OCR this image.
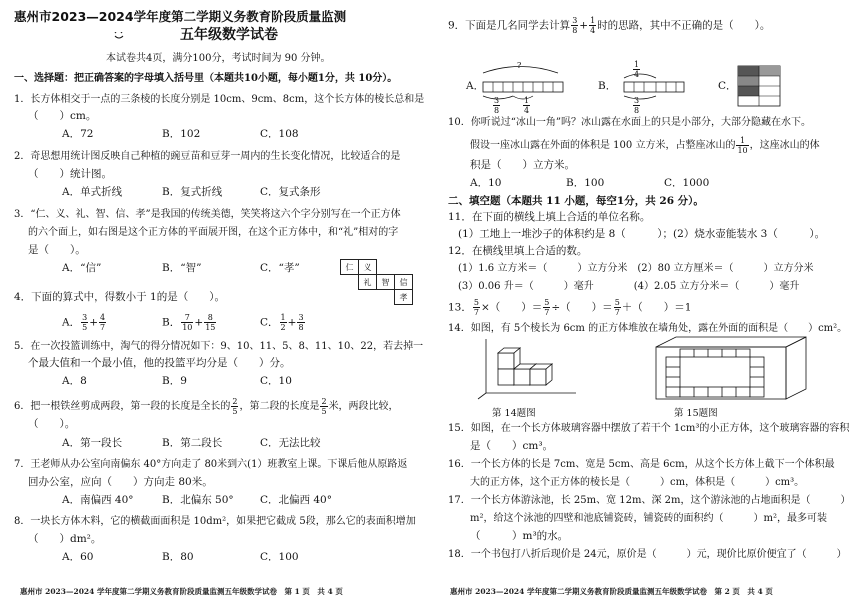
惠州市2023—2024学年度第二学期义务教育阶段质量监测
五年级数学试卷
本试卷共4页，满分100分，考试时间为 90 分钟。
一、选择题：把正确答案的字母填入括号里（本题共10小题，每小题1分，共 10分）。
1．长方体相交于一点的三条棱的长度分别是 10cm、9cm、8cm，这个长方体的棱长总和是
（　　）cm。
A．72	B．102	C．108
2．奇思想用统计图反映自己种植的豌豆苗和豆芽一周内的生长变化情况，比较适合的是
（　　）统计图。
A．单式折线	B．复式折线	C．复式条形
3．“仁、义、礼、智、信、孝”是我国的传统美德，笑笑将这六个字分别写在一个正方体
的六个面上，如右图是这个正方体的平面展开图，在这个正方体中，和“礼”相对的字
是（　　）。
A．“信”	B．“智”	C．“孝”	仁	义		
	礼	智	信
			孝
4．下面的算式中，得数小于 1的是（　　）。
A． $\frac{3}{5} + \frac{4}{7}$	B． $\frac{7}{10} + \frac{8}{15}$	C． $\frac{1}{2} + \frac{3}{8}$
5．在一次投篮训练中，淘气的得分情况如下：9、10、11、5、8、11、10、22，若去掉一
个最大值和一个最小值，他的投篮平均分是（　　）分。
A．8	B．9	C．10
6．把一根铁丝剪成两段，第一段的长度是全长的 $\frac{2}{5}$ ，第二段的长度是 $\frac{2}{5}$ 米，两段比较，
（　　）。
A．第一段长	B．第二段长	C．无法比较
7．王老师从办公室向南偏东 40°方向走了 80米到六(1）班教室上课。下课后他从原路返
回办公室，应向（　　）方向走 80米。
A．南偏西 40°	B．北偏东 50°	C．北偏西 40°
8．一块长方体木料，它的横截面面积是 10dm²，如果把它截成 5段，那么它的表面积增加
（　　）dm²。
A．60	B．80	C．100
惠州市 2023—2024 学年度第二学期义务教育阶段质量监测五年级数学试卷　第 1 页　共 4 页
9．下面是几名同学去计算 $\frac{3}{8} + \frac{1}{4}$ 时的思路，其中不正确的是（　　）。
A．
?
$\frac{3}{8}$	$\frac{1}{4}$
B．
$\frac{1}{4}$
$\frac{3}{8}$
C．
10．你听说过“冰山一角”吗？冰山露在水面上的只是小部分，大部分隐藏在水下。
假设一座冰山露在外面的体积是 100 立方米，占整座冰山的 $\frac{1}{10}$ ，这座冰山的体
积是（　　）立方米。
A．10	B．100	C．1000
二、填空题（本题共 11 小题，每空1分，共 26 分）。
11．在下面的横线上填上合适的单位名称。
(1）工地上一堆沙子的体积约是 8（　　　）；(2）烧水壶能装水 3（　　　）。
12．在横线里填上合适的数。
(1）1.6 立方米＝（　　　）立方分米　(2）80 立方厘米＝（　　　）立方分米
(3）0.06 升＝（　　　）毫升　　　　(4）2.05 立方分米＝（　　　）毫升
13． $\frac{5}{7}$ ×（　　）＝ $\frac{5}{7}$ ÷（　　）＝ $\frac{5}{7}$ ＋（　　）＝1
14．如图，有 5个棱长为 6cm 的正方体堆放在墙角处，露在外面的面积是（　　）cm²。
第 14题图	第 15题图
15．如图，在一个长方体玻璃容器中摆放了若干个 1cm³的小正方体，这个玻璃容器的容积
是（　　）cm³。
16．一个长方体的长是 7cm、宽是 5cm、高是 6cm，从这个长方体上截下一个体积最
大的正方体，这个正方体的棱长是（　　　）cm，体积是（　　　）cm³。
17．一个长方体游泳池，长 25m、宽 12m、深 2m，这个游泳池的占地面积是（　　　）
m²，给这个泳池的四壁和池底铺瓷砖，铺瓷砖的面积约（　　　）m²，最多可装
（　　　）m³的水。
18．一个书包打八折后现价是 24元，原价是（　　　）元，现价比原价便宜了（　　　）
惠州市 2023—2024 学年度第二学期义务教育阶段质量监测五年级数学试卷　第 2 页　共 4 页
